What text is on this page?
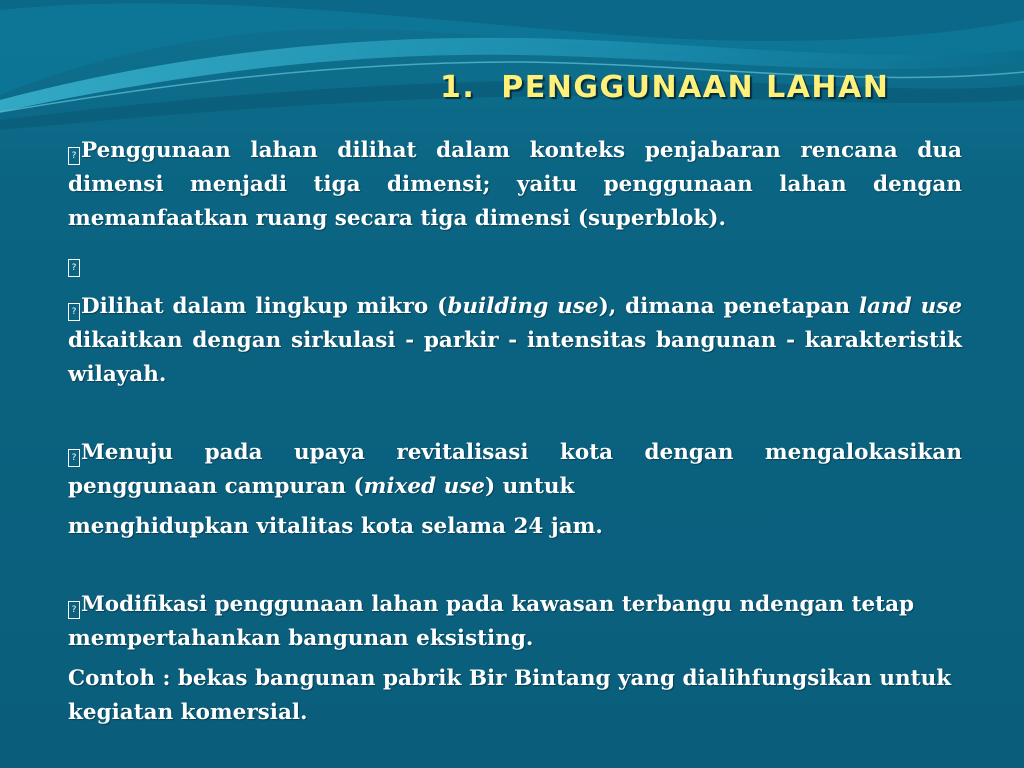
1. PENGGUNAAN LAHAN

? Penggunaan lahan dilihat dalam konteks penjabaran rencana dua dimensi menjadi tiga dimensi; yaitu penggunaan lahan dengan memanfaatkan ruang secara tiga dimensi (superblok).

?

? Dilihat dalam lingkup mikro (building use), dimana penetapan land use dikaitkan dengan sirkulasi - parkir - intensitas bangunan - karakteristik wilayah.

? Menuju pada upaya revitalisasi kota dengan mengalokasikan penggunaan campuran (mixed use) untuk

menghidupkan vitalitas kota selama 24 jam.

? Modifikasi penggunaan lahan pada kawasan terbangu ndengan tetap mempertahankan bangunan eksisting.

Contoh : bekas bangunan pabrik Bir Bintang yang dialihfungsikan untuk kegiatan komersial.
